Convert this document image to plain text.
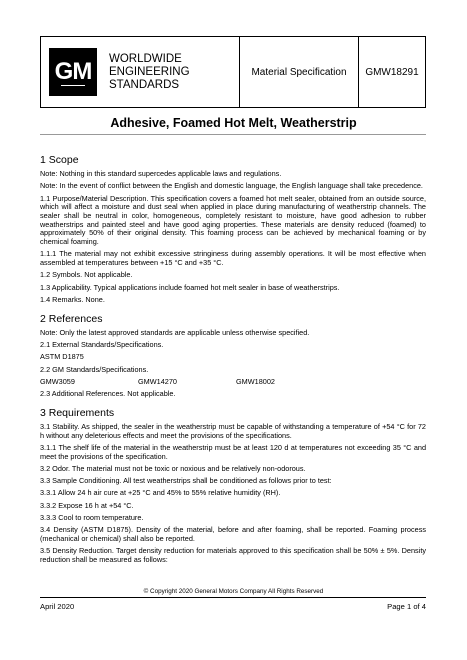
GM	WORLDWIDE
ENGINEERING
STANDARDS
Material Specification	GMW18291
Adhesive, Foamed Hot Melt, Weatherstrip
1 Scope

Note: Nothing in this standard supercedes applicable laws and regulations.

Note: In the event of conflict between the English and domestic language, the English language shall take precedence.

1.1 Purpose/Material Description. This specification covers a foamed hot melt sealer, obtained from an outside source, which will affect a moisture and dust seal when applied in place during manufacturing of weatherstrip channels. The sealer shall be neutral in color, homogeneous, completely resistant to moisture, have good adhesion to rubber weatherstrips and painted steel and have good aging properties. These materials are density reduced (foamed) to approximately 50% of their original density. This foaming process can be achieved by mechanical foaming or by chemical foaming.

1.1.1 The material may not exhibit excessive stringiness during assembly operations. It will be most effective when assembled at temperatures between +15 °C and +35 °C.

1.2 Symbols. Not applicable.

1.3 Applicability. Typical applications include foamed hot melt sealer in base of weatherstrips.

1.4 Remarks. None.

2 References

Note: Only the latest approved standards are applicable unless otherwise specified.

2.1 External Standards/Specifications.

ASTM D1875

2.2 GM Standards/Specifications.

GMW3059	GMW14270	GMW18002

2.3 Additional References. Not applicable.

3 Requirements

3.1 Stability. As shipped, the sealer in the weatherstrip must be capable of withstanding a temperature of +54 °C for 72 h without any deleterious effects and meet the provisions of the specifications.

3.1.1 The shelf life of the material in the weatherstrip must be at least 120 d at temperatures not exceeding 35 °C and meet the provisions of the specification.

3.2 Odor. The material must not be toxic or noxious and be relatively non-odorous.

3.3 Sample Conditioning. All test weatherstrips shall be conditioned as follows prior to test:

3.3.1 Allow 24 h air cure at +25 °C and 45% to 55% relative humidity (RH).

3.3.2 Expose 16 h at +54 °C.

3.3.3 Cool to room temperature.

3.4 Density (ASTM D1875). Density of the material, before and after foaming, shall be reported. Foaming process (mechanical or chemical) shall also be reported.

3.5 Density Reduction. Target density reduction for materials approved to this specification shall be 50% ± 5%. Density reduction shall be measured as follows:

© Copyright 2020 General Motors Company All Rights Reserved
April 2020	Page 1 of 4
